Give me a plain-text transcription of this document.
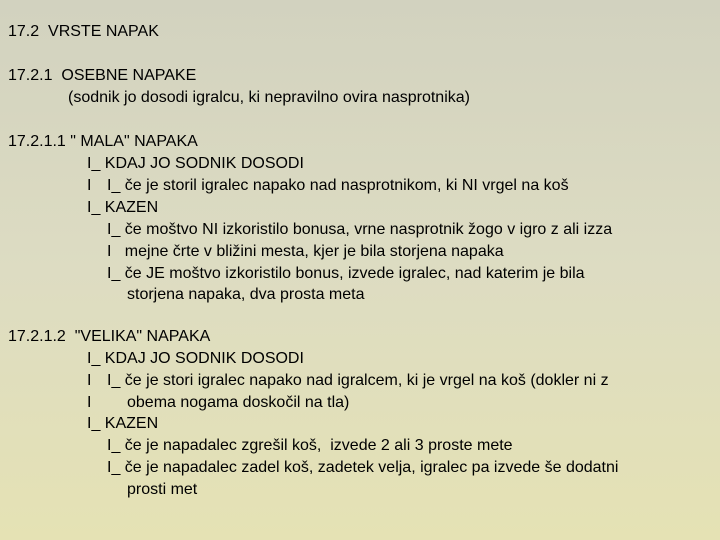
17.2  VRSTE NAPAK

17.2.1  OSEBNE NAPAKE

(sodnik jo dosodi igralcu, ki nepravilno ovira nasprotnika)

17.2.1.1 " MALA" NAPAKA

I_ KDAJ JO SODNIK DOSODI

I I_ če je storil igralec napako nad nasprotnikom, ki NI vrgel na koš

I_ KAZEN

I_ če moštvo NI izkoristilo bonusa, vrne nasprotnik žogo v igro z ali izza

I   mejne črte v bližini mesta, kjer je bila storjena napaka

I_ če JE moštvo izkoristilo bonus, izvede igralec, nad katerim je bila

storjena napaka, dva prosta meta

17.2.1.2  "VELIKA" NAPAKA

I_ KDAJ JO SODNIK DOSODI

I I_ če je stori igralec napako nad igralcem, ki je vrgel na koš (dokler ni z

I obema nogama doskočil na tla)

I_ KAZEN

I_ če je napadalec zgrešil koš,  izvede 2 ali 3 proste mete

I_ če je napadalec zadel koš, zadetek velja, igralec pa izvede še dodatni

prosti met
